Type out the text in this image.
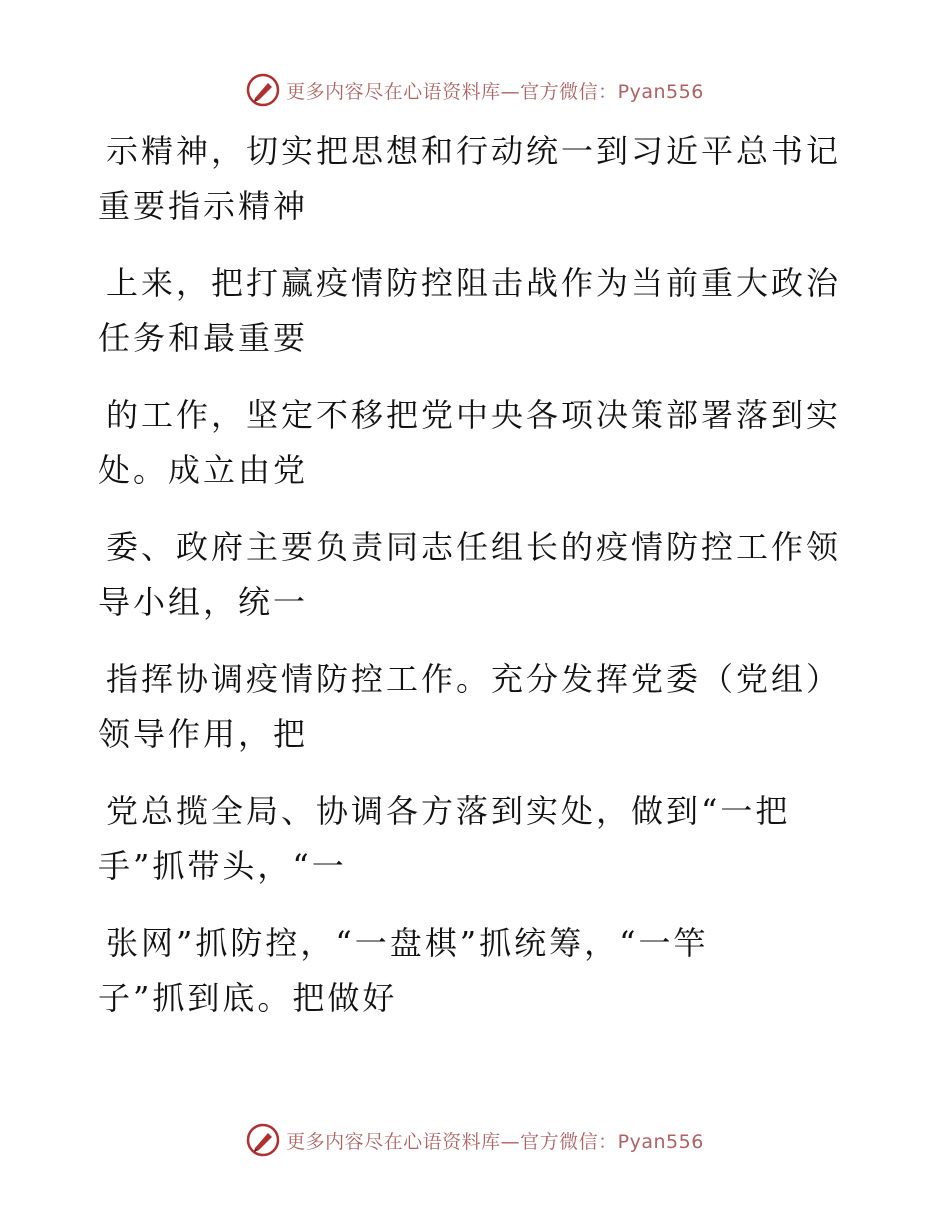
更多内容尽在心语资料库—官方微信：Pyan556
示精神，切实把思想和行动统一到习近平总书记
重要指示精神
上来，把打赢疫情防控阻击战作为当前重大政治
任务和最重要
的工作，坚定不移把党中央各项决策部署落到实
处。成立由党
委、政府主要负责同志任组长的疫情防控工作领
导小组，统一
指挥协调疫情防控工作。充分发挥党委（党组）
领导作用，把
党总揽全局、协调各方落到实处，做到“一把
手”抓带头，“一
张网”抓防控，“一盘棋”抓统筹，“一竿
子”抓到底。把做好
更多内容尽在心语资料库—官方微信：Pyan556
